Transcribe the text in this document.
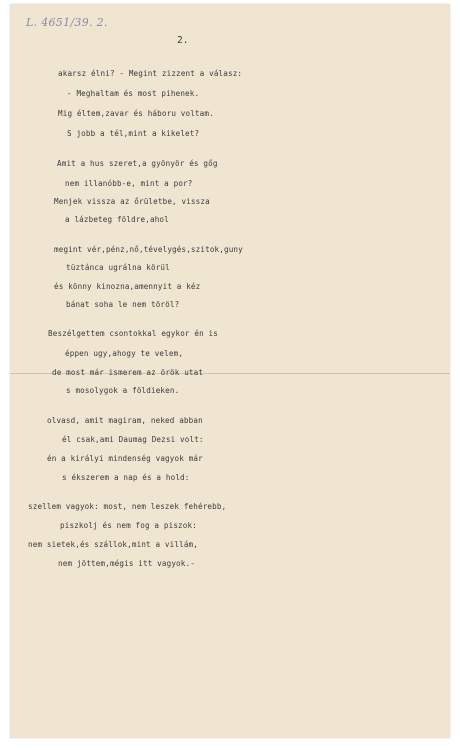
L. 4651/39. 2.
2.
akarsz élni? - Megint zizzent a válasz:
- Meghaltam és most pihenek.
Mig éltem,zavar és háboru voltam.
S jobb a tél,mint a kikelet?
Amit a hus szeret,a gyönyör és gőg
nem illanóbb-e, mint a por?
Menjek vissza az őrületbe, vissza
a lázbeteg földre,ahol
megint vér,pénz,nő,tévelygés,szitok,guny
tüztánca ugrálna körül
és könny kinozna,amennyit a kéz
bánat soha le nem töröl?
Beszélgettem csontokkal egykor én is
éppen ugy,ahogy te velem,
de most már ismerem az örök utat
s mosolygok a földieken.
olvasd, amit magiram, neked abban
él csak,ami Daumag Dezsi volt:
én a királyi mindenség vagyok már
s ékszerem a nap és a hold:
szellem vagyok: most, nem leszek fehérebb,
piszkolj és nem fog a piszok:
nem sietek,és szállok,mint a villám,
nem jöttem,mégis itt vagyok.-
